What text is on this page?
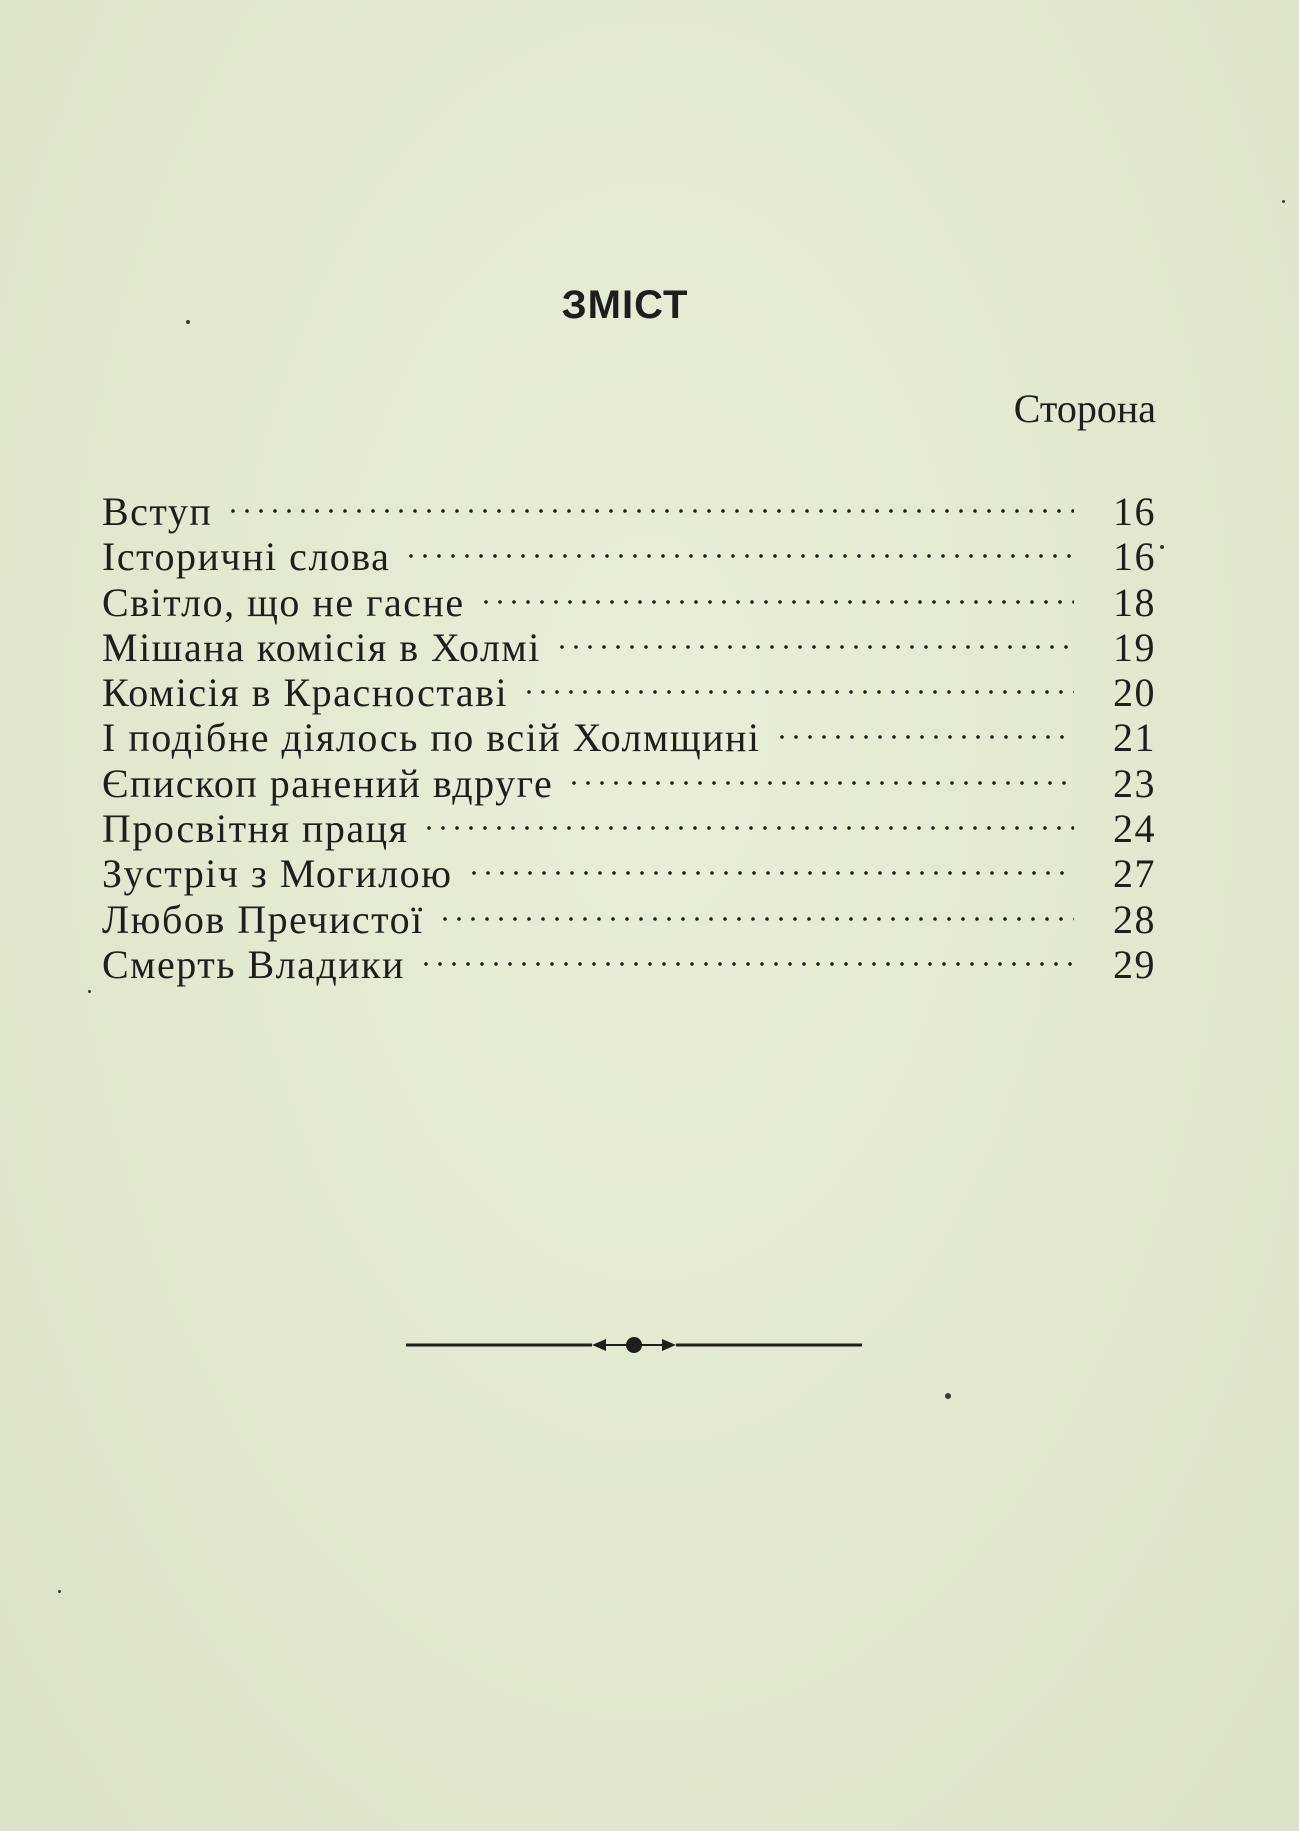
ЗМІСТ
Сторона
Вступ	16
Історичні слова	16
Світло, що не гасне	18
Мішана комісія в Холмі	19
Комісія в Красноставі	20
І подібне діялось по всій Холмщині	21
Єпископ ранений вдруге	23
Просвітня праця	24
Зустріч з Могилою	27
Любов Пречистої	28
Смерть Владики	29
